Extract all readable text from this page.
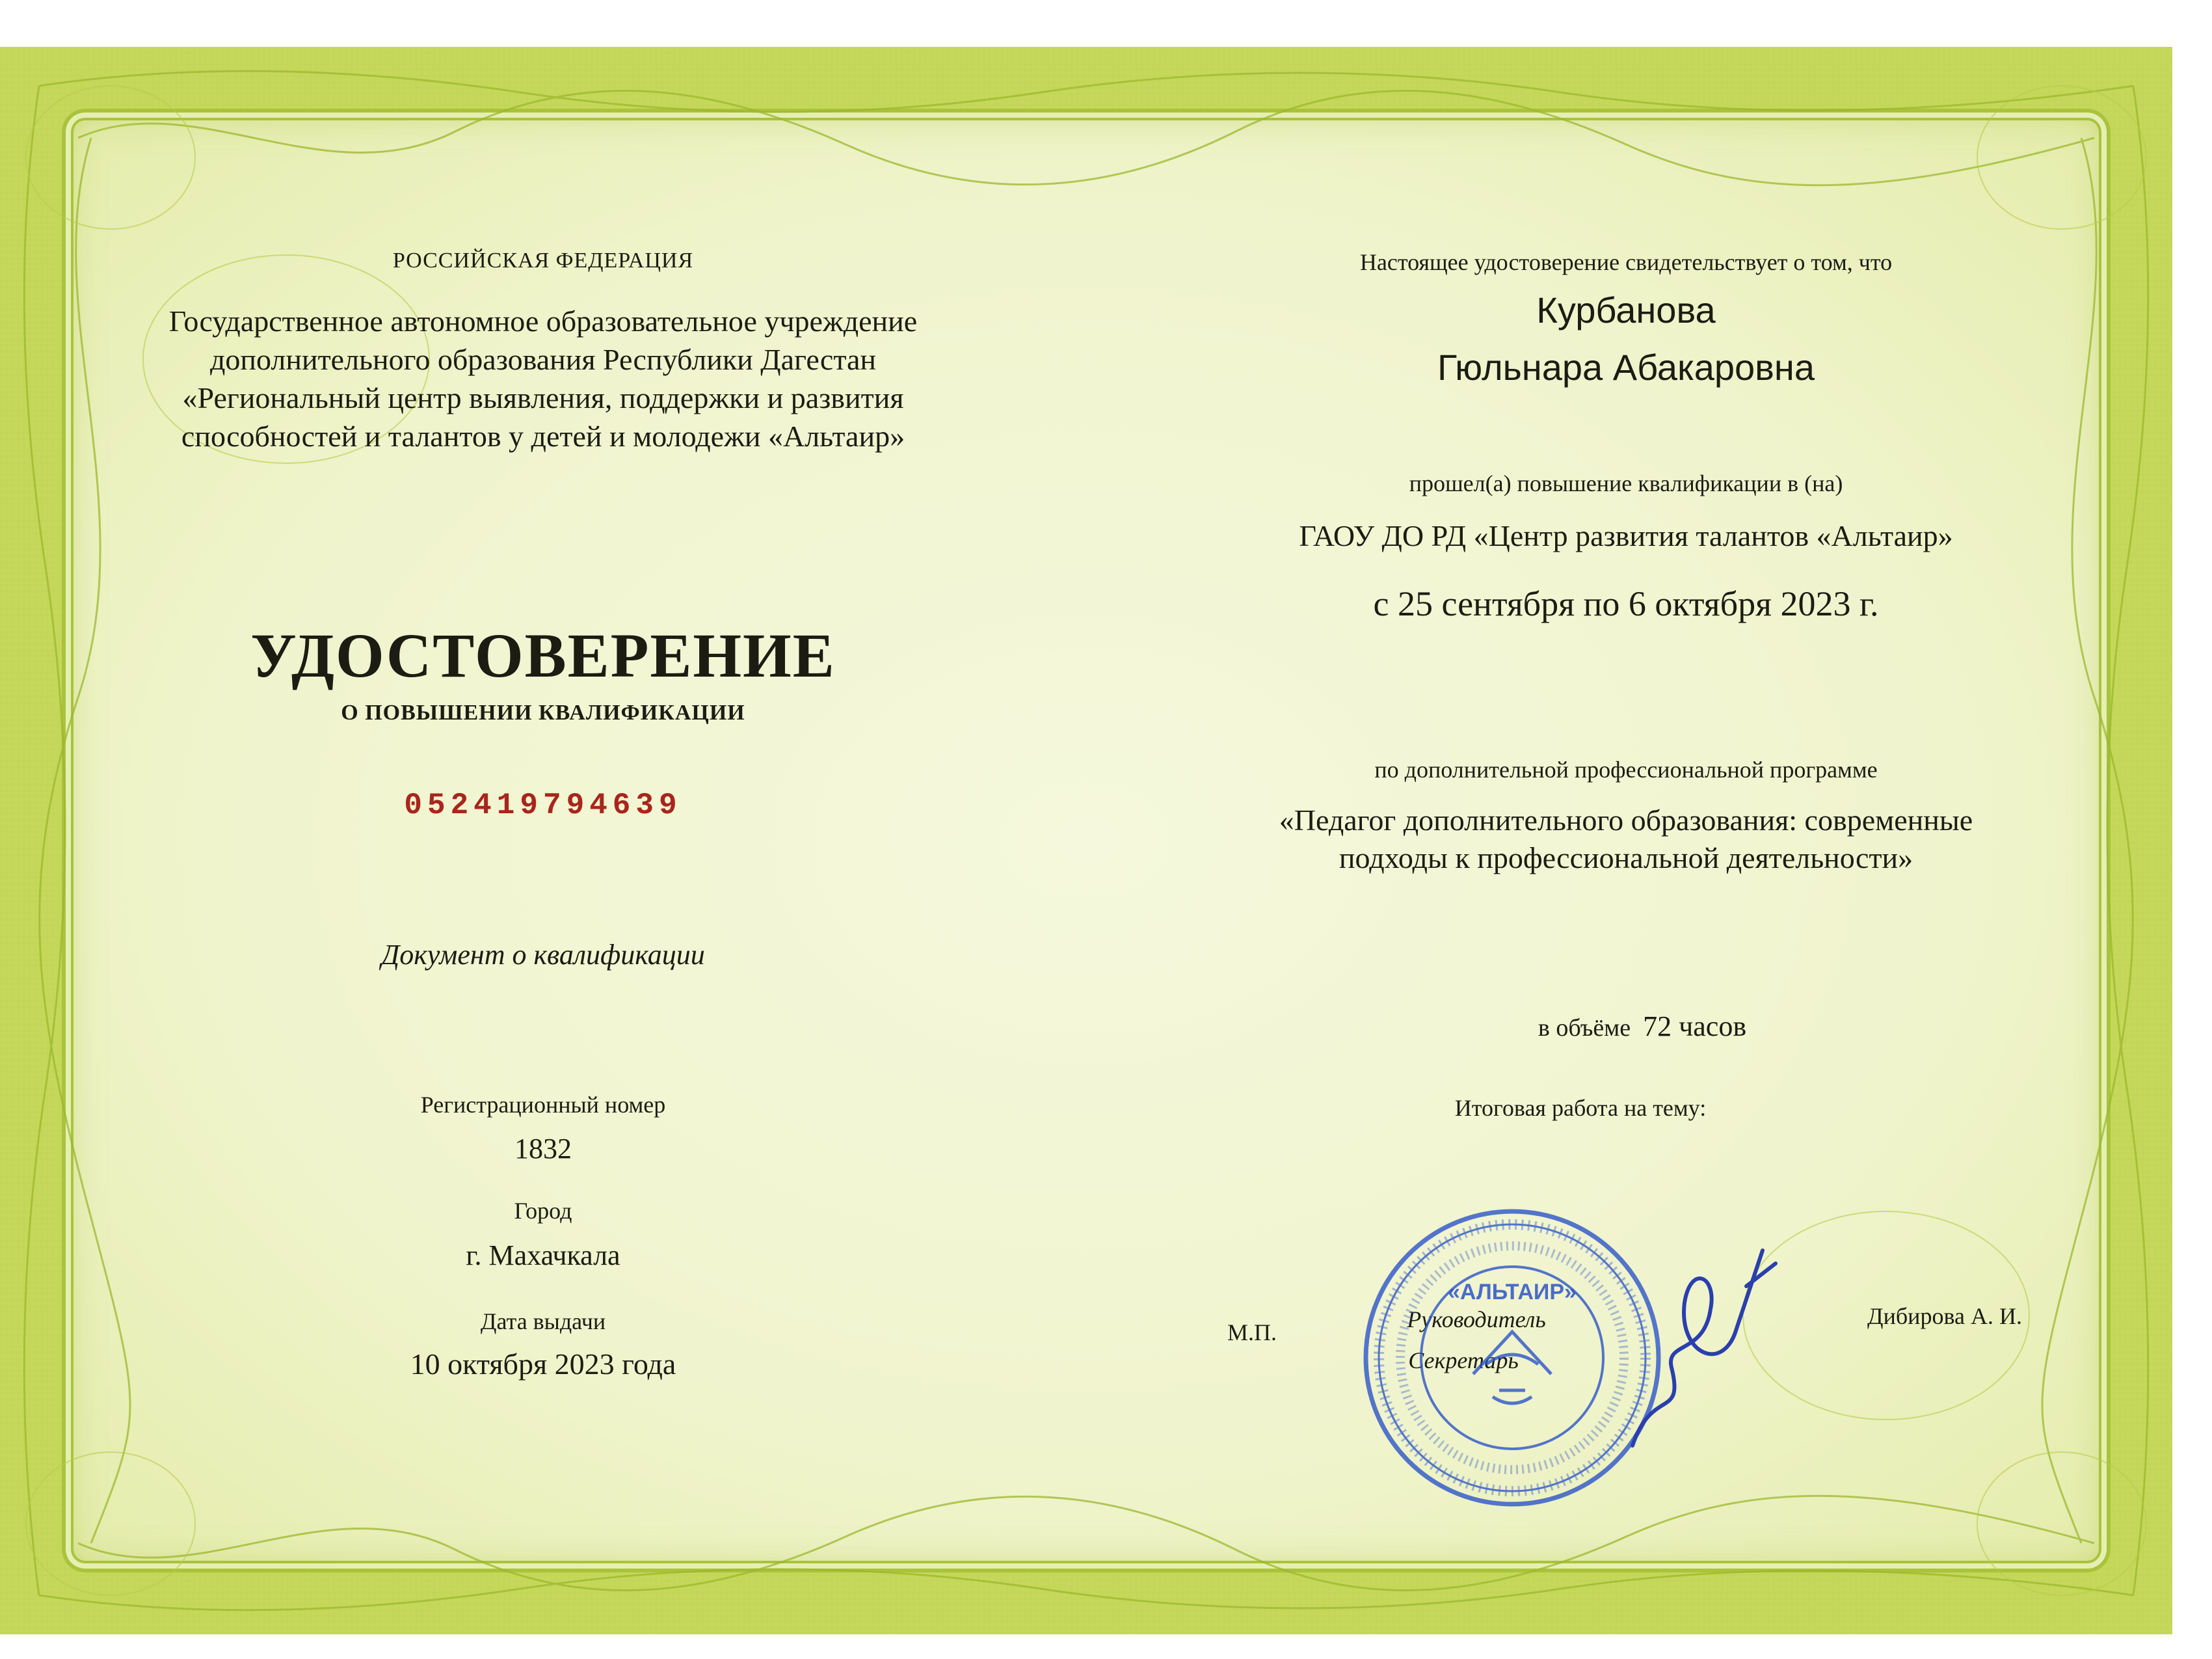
РОССИЙСКАЯ ФЕДЕРАЦИЯ
Государственное автономное образовательное учреждение
дополнительного образования Республики Дагестан
«Региональный центр выявления, поддержки и развития
способностей и талантов у детей и молодежи «Альтаир»
УДОСТОВЕРЕНИЕ
О ПОВЫШЕНИИ КВАЛИФИКАЦИИ
052419794639
Документ о квалификации
Регистрационный номер
1832
Город
г. Махачкала
Дата выдачи
10 октября 2023 года
Настоящее удостоверение свидетельствует о том, что
Курбанова
Гюльнара Абакаровна
прошел(а) повышение квалификации в (на)
ГАОУ ДО РД «Центр развития талантов «Альтаир»
с 25 сентября по 6 октября 2023 г.
по дополнительной профессиональной программе
«Педагог дополнительного образования: современные
подходы к профессиональной деятельности»
в объёме 72 часов
Итоговая работа на тему:
М.П.	Руководитель
Секретарь
Дибирова А. И.
«АЛЬТАИР»
